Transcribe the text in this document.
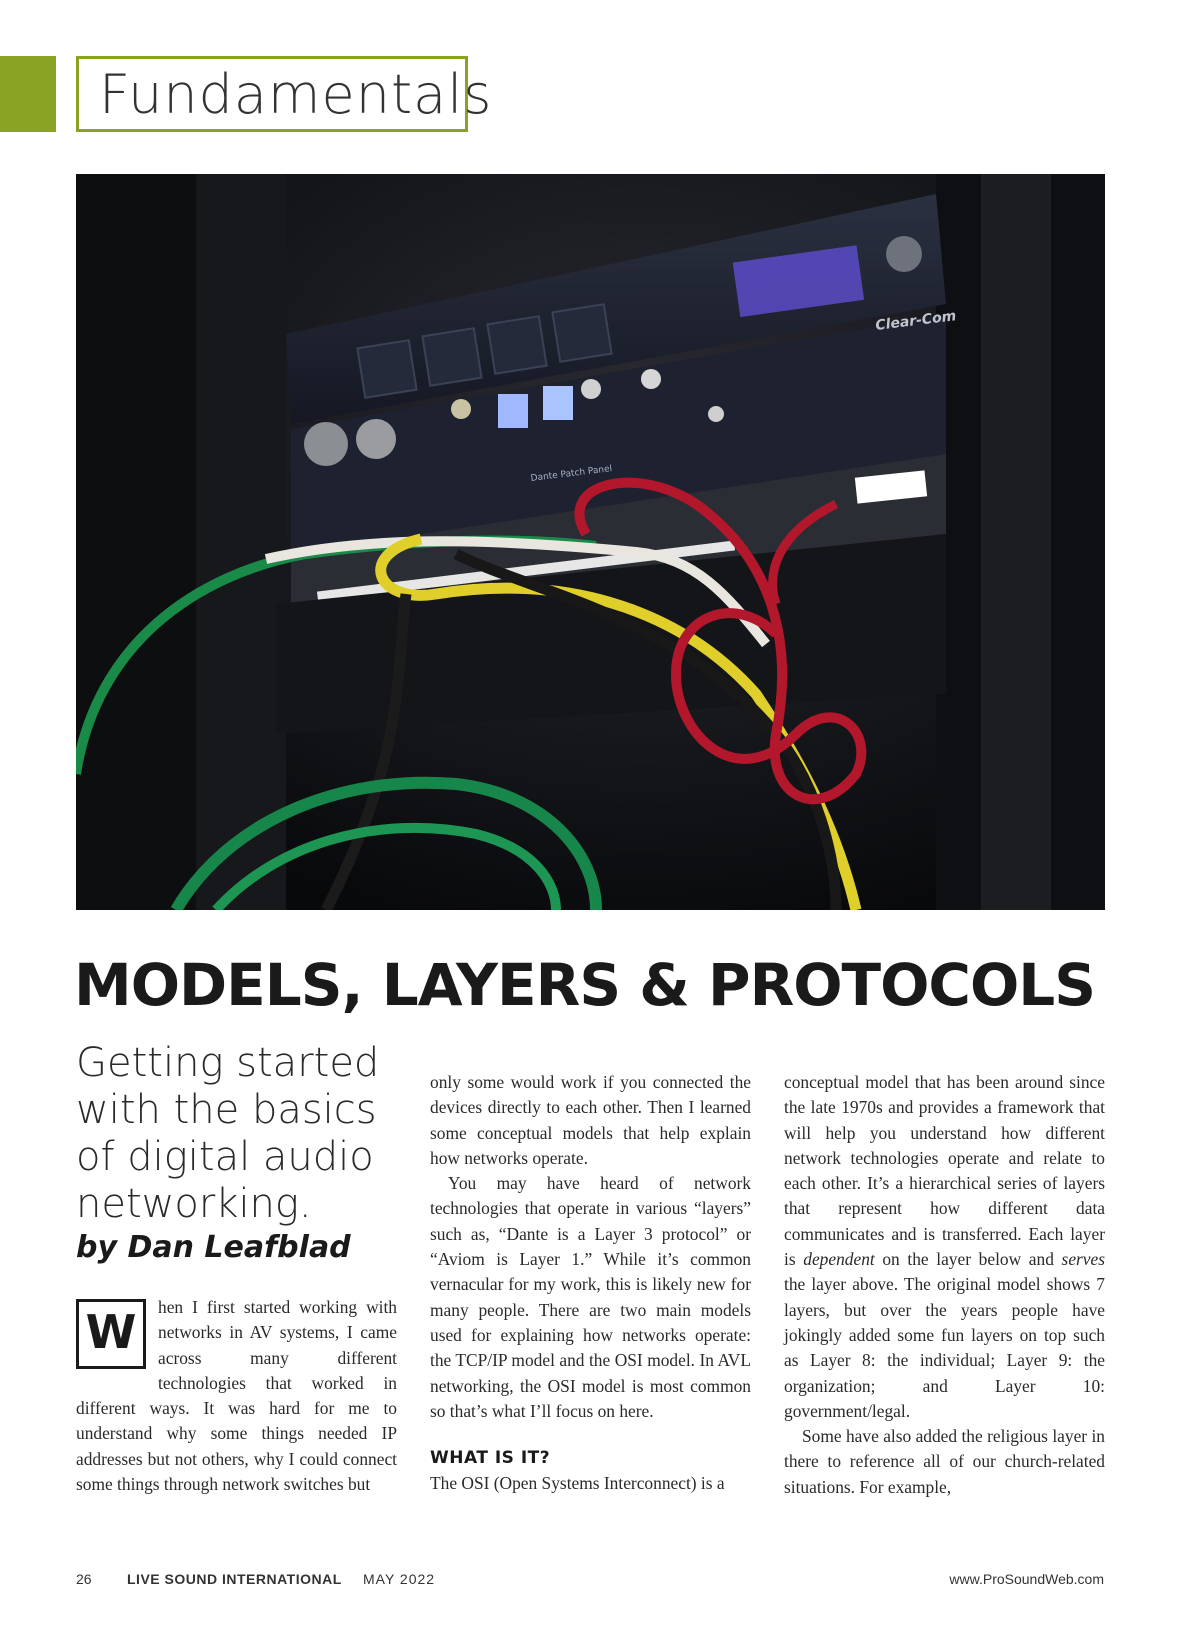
Fundamentals
Dante Patch Panel
Clear-Com
MODELS, LAYERS & PROTOCOLS

Getting started with the basics of digital audio networking.

by Dan Leafblad

W	hen I first started working with networks in AV systems, I came across many different technologies that worked in different ways. It was hard for me to understand why some things needed IP addresses but not others, why I could connect some things through network switches but

only some would work if you connected the devices directly to each other. Then I learned some conceptual models that help explain how networks operate.

You may have heard of network technologies that operate in various “layers” such as, “Dante is a Layer 3 protocol” or “Aviom is Layer 1.” While it’s common vernacular for my work, this is likely new for many people. There are two main models used for explaining how networks operate: the TCP/IP model and the OSI model. In AVL networking, the OSI model is most common so that’s what I’ll focus on here.

WHAT IS IT?

The OSI (Open Systems Interconnect) is a

26	LIVE SOUND INTERNATIONAL MAY 2022	www.ProSoundWeb.com

conceptual model that has been around since the late 1970s and provides a framework that will help you understand how different network technologies operate and relate to each other. It’s a hierarchical series of layers that represent how different data communicates and is transferred. Each layer is dependent on the layer below and serves the layer above. The original model shows 7 layers, but over the years people have jokingly added some fun layers on top such as Layer 8: the individual; Layer 9: the organization; and Layer 10: government/legal.

Some have also added the religious layer in there to reference all of our church-related situations. For example,
